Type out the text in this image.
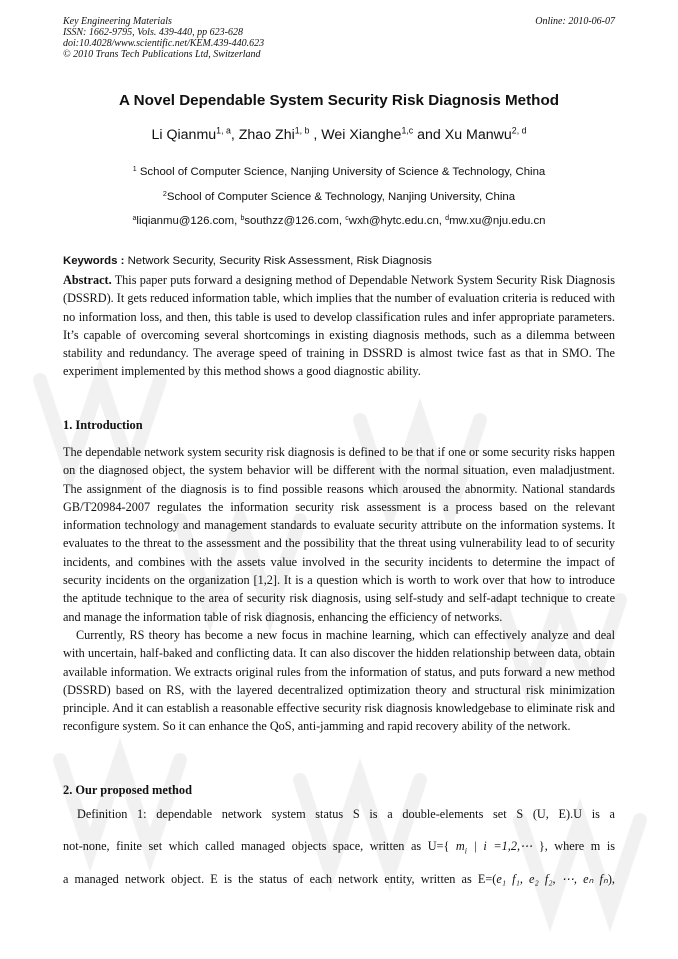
Key Engineering Materials
ISSN: 1662-9795, Vols. 439-440, pp 623-628
doi:10.4028/www.scientific.net/KEM.439-440.623
© 2010 Trans Tech Publications Ltd, Switzerland
Online: 2010-06-07
A Novel Dependable System Security Risk Diagnosis Method
Li Qianmu$^{1, a}$, Zhao Zhi$^{1, b}$ , Wei Xianghe$^{1,c}$ and Xu Manwu$^{2, d}$
$^1$ School of Computer Science, Nanjing University of Science & Technology, China
$^2$School of Computer Science & Technology, Nanjing University, China
$^a$liqianmu@126.com, $^b$southzz@126.com, $^c$wxh@hytc.edu.cn, $^d$mw.xu@nju.edu.cn
Keywords : Network Security, Security Risk Assessment, Risk Diagnosis

Abstract. This paper puts forward a designing method of Dependable Network System Security Risk Diagnosis (DSSRD). It gets reduced information table, which implies that the number of evaluation criteria is reduced with no information loss, and then, this table is used to develop classification rules and infer appropriate parameters. It’s capable of overcoming several shortcomings in existing diagnosis methods, such as a dilemma between stability and redundancy. The average speed of training in DSSRD is almost twice fast as that in SMO. The experiment implemented by this method shows a good diagnostic ability.

1. Introduction

The dependable network system security risk diagnosis is defined to be that if one or some security risks happen on the diagnosed object, the system behavior will be different with the normal situation, even maladjustment. The assignment of the diagnosis is to find possible reasons which aroused the abnormity. National standards GB/T20984-2007 regulates the information security risk assessment is a process based on the relevant information technology and management standards to evaluate security attribute on the information systems. It evaluates to the threat to the assessment and the possibility that the threat using vulnerability lead to of security incidents, and combines with the assets value involved in the security incidents to determine the impact of security incidents on the organization [1,2]. It is a question which is worth to work over that how to introduce the aptitude technique to the area of security risk diagnosis, using self-study and self-adapt technique to create and manage the information table of risk diagnosis, enhancing the efficiency of networks.

Currently, RS theory has become a new focus in machine learning, which can effectively analyze and deal with uncertain, half-baked and conflicting data. It can also discover the hidden relationship between data, obtain available information. We extracts original rules from the information of status, and puts forward a new method (DSSRD) based on RS, with the layered decentralized optimization theory and structural risk minimization principle. And it can establish a reasonable effective security risk diagnosis knowledgebase to eliminate risk and reconfigure system. So it can enhance the QoS, anti-jamming and rapid recovery ability of the network.

2. Our proposed method
Definition 1: dependable network system status S is a double-elements set S (U, E).U is a
not-none, finite set which called managed objects space, written as U={ $m_i$ | i =1,2,⋯ }, where m is
a managed network object. E is the status of each network entity, written as E=(e₁ f₁, e₂ f₂, ⋯, eₙ fₙ),
